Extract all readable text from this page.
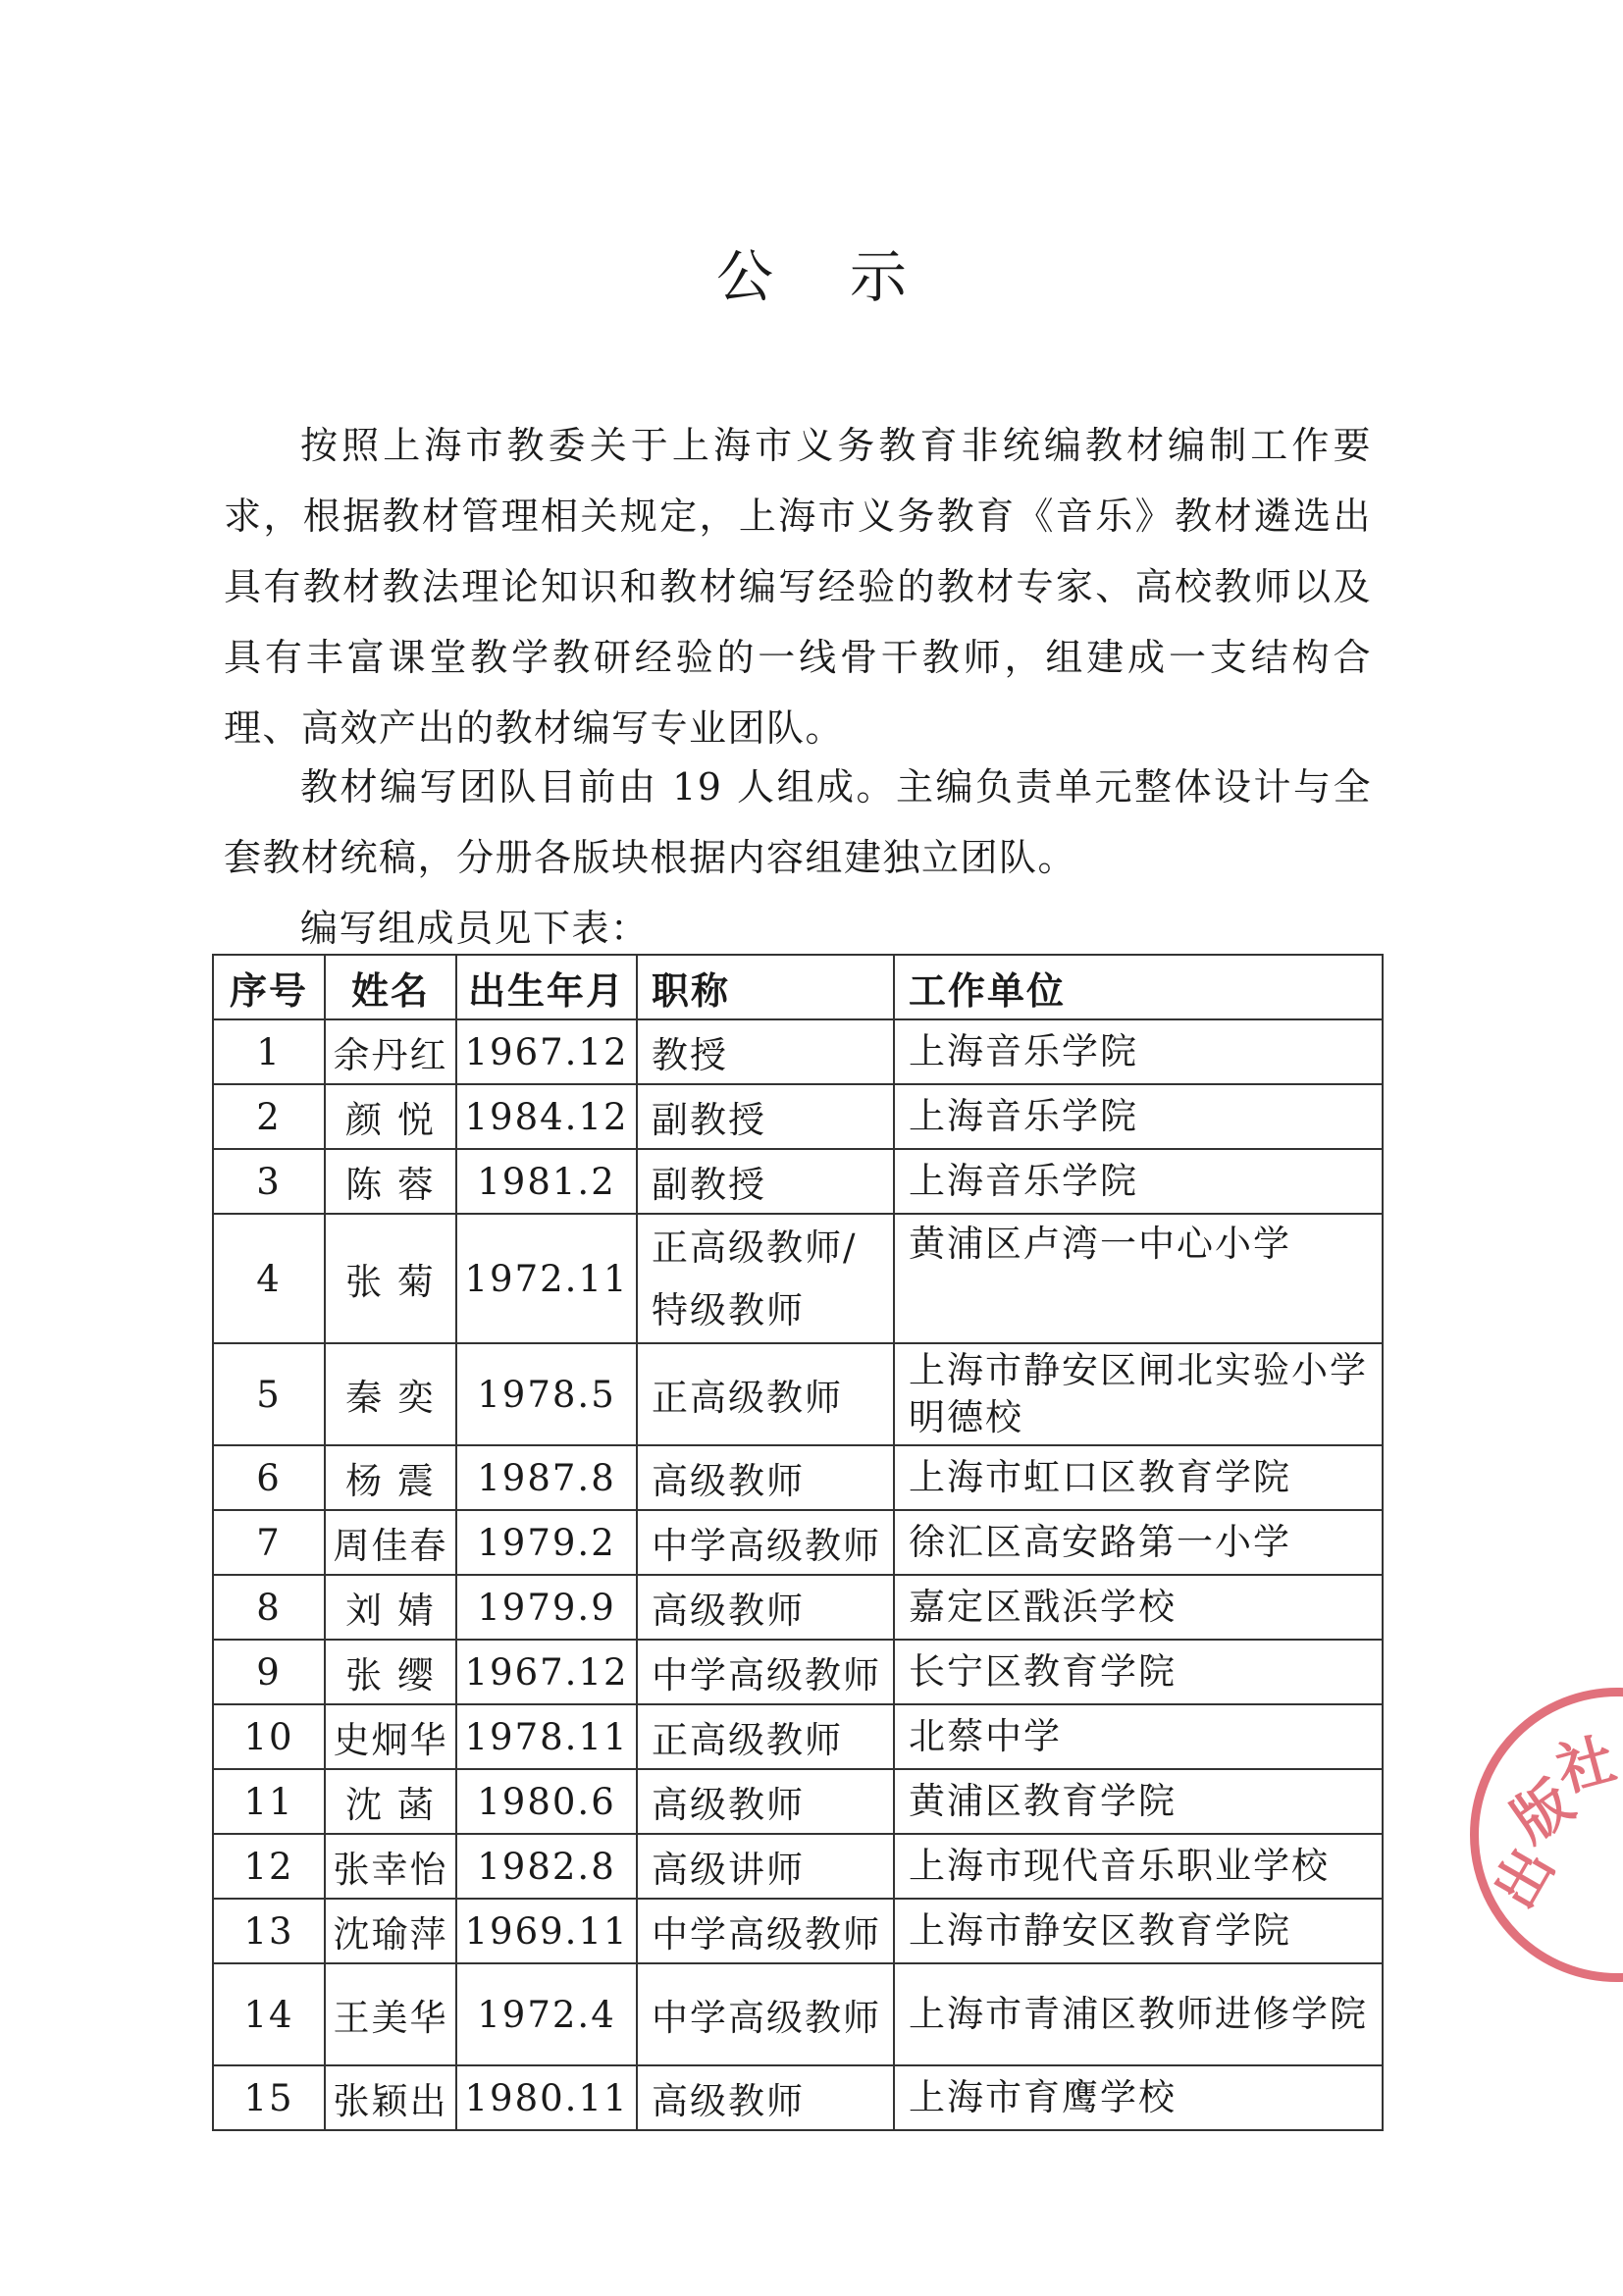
公示

按照上海市教委关于上海市义务教育非统编教材编制工作要求，根据教材管理相关规定，上海市义务教育《音乐》教材遴选出具有教材教法理论知识和教材编写经验的教材专家、高校教师以及具有丰富课堂教学教研经验的一线骨干教师，组建成一支结构合理、高效产出的教材编写专业团队。

教材编写团队目前由 19 人组成。主编负责单元整体设计与全套教材统稿，分册各版块根据内容组建独立团队。

编写组成员见下表：

序号	姓名	出生年月	职称	工作单位
1	余丹红	1967.12	教授	上海音乐学院
2	颜 悦	1984.12	副教授	上海音乐学院
3	陈 蓉	1981.2	副教授	上海音乐学院
4	张 菊	1972.11	正高级教师/特级教师	黄浦区卢湾一中心小学
5	秦 奕	1978.5	正高级教师	上海市静安区闸北实验小学明德校
6	杨 震	1987.8	高级教师	上海市虹口区教育学院
7	周佳春	1979.2	中学高级教师	徐汇区高安路第一小学
8	刘 婧	1979.9	高级教师	嘉定区戬浜学校
9	张 缨	1967.12	中学高级教师	长宁区教育学院
10	史炯华	1978.11	正高级教师	北蔡中学
11	沈 菡	1980.6	高级教师	黄浦区教育学院
12	张幸怡	1982.8	高级讲师	上海市现代音乐职业学校
13	沈瑜萍	1969.11	中学高级教师	上海市静安区教育学院
14	王美华	1972.4	中学高级教师	上海市青浦区教师进修学院
15	张颖出	1980.11	高级教师	上海市育鹰学校
出
版
社
